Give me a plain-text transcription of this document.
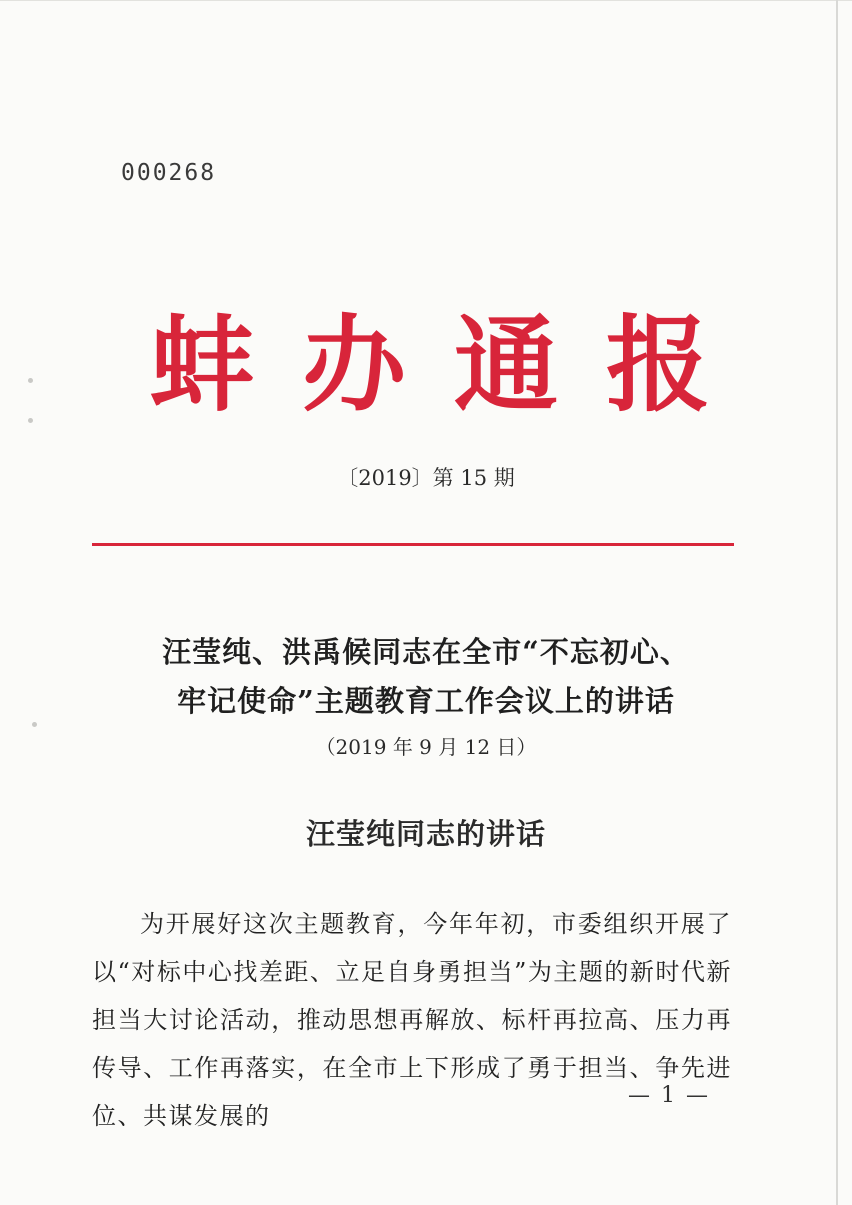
000268
蚌 办 通 报
〔2019〕第 15 期
汪莹纯、洪禹候同志在全市“不忘初心、
牢记使命”主题教育工作会议上的讲话
（2019 年 9 月 12 日）
汪莹纯同志的讲话

为开展好这次主题教育，今年年初，市委组织开展了以“对标中心找差距、立足自身勇担当”为主题的新时代新担当大讨论活动，推动思想再解放、标杆再拉高、压力再传导、工作再落实，在全市上下形成了勇于担当、争先进位、共谋发展的

— 1 —
